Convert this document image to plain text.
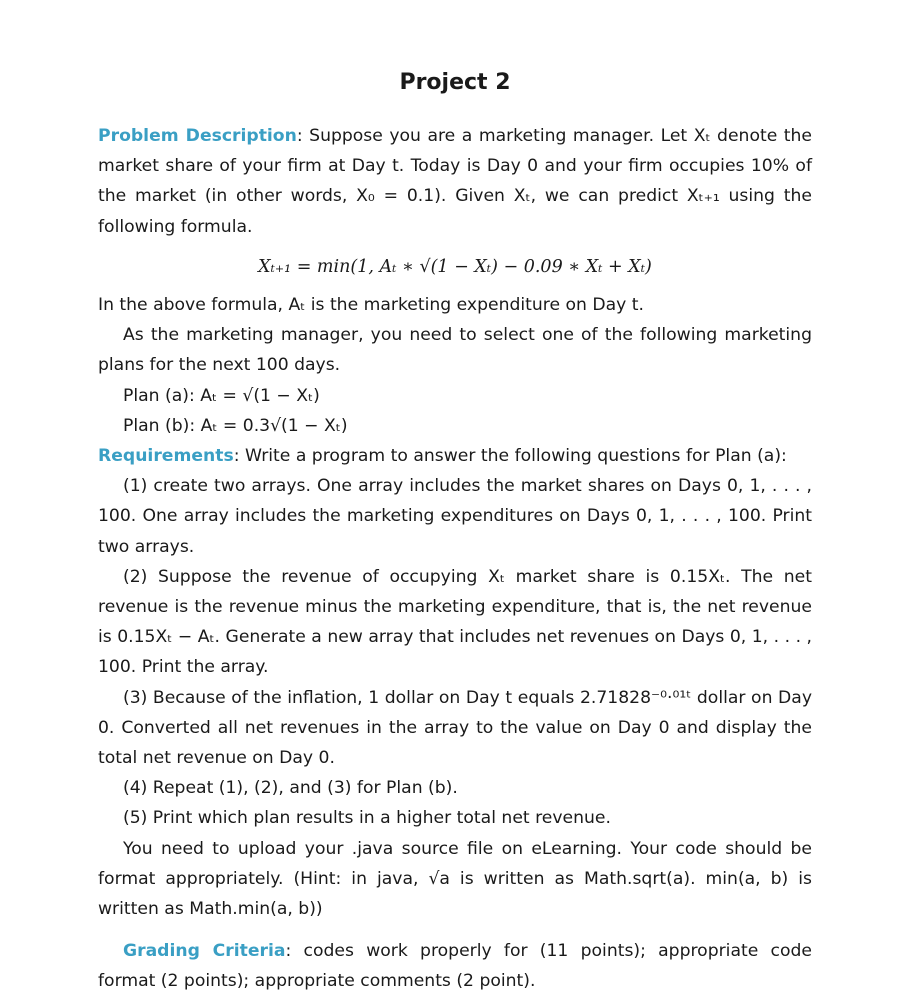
Project 2

Problem Description: Suppose you are a marketing manager. Let Xₜ denote the market share of your firm at Day t. Today is Day 0 and your firm occupies 10% of the market (in other words, X₀ = 0.1). Given Xₜ, we can predict Xₜ₊₁ using the following formula.

Xₜ₊₁ = min(1, Aₜ ∗ √(1 − Xₜ) − 0.09 ∗ Xₜ + Xₜ)

In the above formula, Aₜ is the marketing expenditure on Day t.

As the marketing manager, you need to select one of the following marketing plans for the next 100 days.

Plan (a): Aₜ = √(1 − Xₜ)

Plan (b): Aₜ = 0.3√(1 − Xₜ)

Requirements: Write a program to answer the following questions for Plan (a):

(1) create two arrays. One array includes the market shares on Days 0, 1, . . . , 100. One array includes the marketing expenditures on Days 0, 1, . . . , 100. Print two arrays.

(2) Suppose the revenue of occupying Xₜ market share is 0.15Xₜ. The net revenue is the revenue minus the marketing expenditure, that is, the net revenue is 0.15Xₜ − Aₜ. Generate a new array that includes net revenues on Days 0, 1, . . . , 100. Print the array.

(3) Because of the inflation, 1 dollar on Day t equals 2.71828⁻⁰·⁰¹ᵗ dollar on Day 0. Converted all net revenues in the array to the value on Day 0 and display the total net revenue on Day 0.

(4) Repeat (1), (2), and (3) for Plan (b).

(5) Print which plan results in a higher total net revenue.

You need to upload your .java source file on eLearning. Your code should be format appropriately. (Hint: in java, √a is written as Math.sqrt(a). min(a, b) is written as Math.min(a, b))

Grading Criteria: codes work properly for (11 points); appropriate code format (2 points); appropriate comments (2 point).
